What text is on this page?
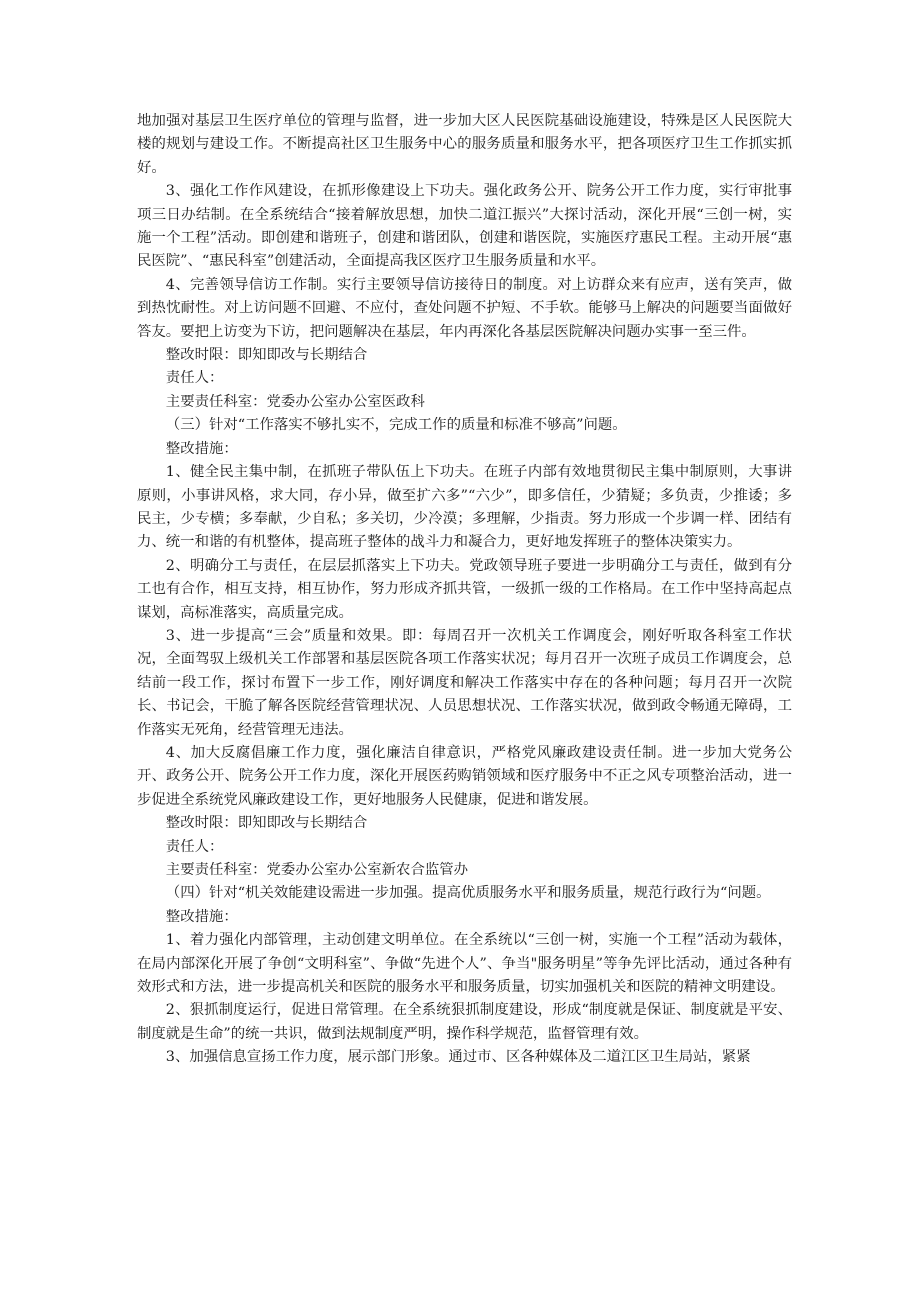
地加强对基层卫生医疗单位的管理与监督，进一步加大区人民医院基础设施建设，特殊是区人民医院大楼的规划与建设工作。不断提高社区卫生服务中心的服务质量和服务水平，把各项医疗卫生工作抓实抓好。

3、强化工作作风建设，在抓形像建设上下功夫。强化政务公开、院务公开工作力度，实行审批事项三日办结制。在全系统结合“接着解放思想，加快二道江振兴”大探讨活动，深化开展“三创一树，实施一个工程”活动。即创建和谐班子，创建和谐团队，创建和谐医院，实施医疗惠民工程。主动开展“惠民医院”、“惠民科室”创建活动，全面提高我区医疗卫生服务质量和水平。

4、完善领导信访工作制。实行主要领导信访接待日的制度。对上访群众来有应声，送有笑声，做到热忱耐性。对上访问题不回避、不应付，查处问题不护短、不手软。能够马上解决的问题要当面做好答友。要把上访变为下访，把问题解决在基层，年内再深化各基层医院解决问题办实事一至三件。

整改时限：即知即改与长期结合

责任人：

主要责任科室：党委办公室办公室医政科

（三）针对“工作落实不够扎实不，完成工作的质量和标准不够高”问题。

整改措施：

1、健全民主集中制，在抓班子带队伍上下功夫。在班子内部有效地贯彻民主集中制原则，大事讲原则，小事讲风格，求大同，存小异，做至扩六多”“六少”，即多信任，少猜疑；多负责，少推诿；多民主，少专横；多奉献，少自私；多关切，少冷漠；多理解，少指责。努力形成一个步调一样、团结有力、统一和谐的有机整体，提高班子整体的战斗力和凝合力，更好地发挥班子的整体决策实力。

2、明确分工与责任，在层层抓落实上下功夫。党政领导班子要进一步明确分工与责任，做到有分工也有合作，相互支持，相互协作，努力形成齐抓共管，一级抓一级的工作格局。在工作中坚持高起点谋划，高标准落实，高质量完成。

3、进一步提高“三会”质量和效果。即：每周召开一次机关工作调度会，刚好听取各科室工作状况，全面驾驭上级机关工作部署和基层医院各项工作落实状况；每月召开一次班子成员工作调度会，总结前一段工作，探讨布置下一步工作，刚好调度和解决工作落实中存在的各种问题；每月召开一次院长、书记会，干脆了解各医院经营管理状况、人员思想状况、工作落实状况，做到政令畅通无障碍，工作落实无死角，经营管理无违法。

4、加大反腐倡廉工作力度，强化廉洁自律意识，严格党风廉政建设责任制。进一步加大党务公开、政务公开、院务公开工作力度，深化开展医药购销领域和医疗服务中不正之风专项整治活动，进一步促进全系统党风廉政建设工作，更好地服务人民健康，促进和谐发展。

整改时限：即知即改与长期结合

责任人：

主要责任科室：党委办公室办公室新农合监管办

（四）针对“机关效能建设需进一步加强。提高优质服务水平和服务质量，规范行政行为“问题。

整改措施：

1、着力强化内部管理，主动创建文明单位。在全系统以“三创一树，实施一个工程”活动为载体，在局内部深化开展了争创“文明科室”、争做“先进个人”、争当"服务明星”等争先评比活动，通过各种有效形式和方法，进一步提高机关和医院的服务水平和服务质量，切实加强机关和医院的精神文明建设。

2、狠抓制度运行，促进日常管理。在全系统狠抓制度建设，形成“制度就是保证、制度就是平安、制度就是生命”的统一共识，做到法规制度严明，操作科学规范，监督管理有效。

3、加强信息宣扬工作力度，展示部门形象。通过市、区各种媒体及二道江区卫生局站，紧紧
